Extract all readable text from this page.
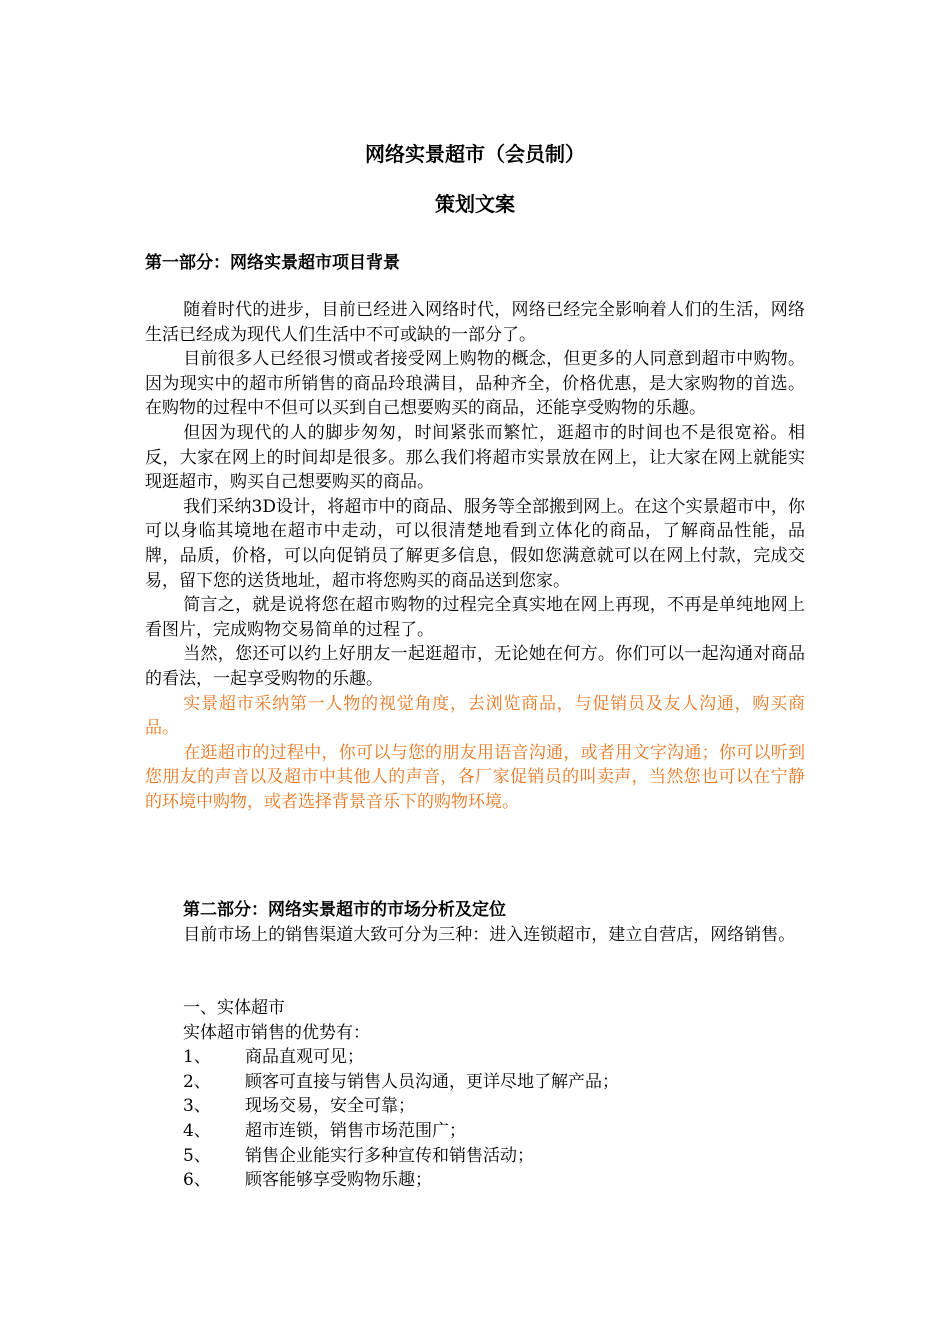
网络实景超市（会员制）
策划文案
第一部分：网络实景超市项目背景

随着时代的进步，目前已经进入网络时代，网络已经完全影响着人们的生活，网络生活已经成为现代人们生活中不可或缺的一部分了。

目前很多人已经很习惯或者接受网上购物的概念，但更多的人同意到超市中购物。因为现实中的超市所销售的商品玲琅满目，品种齐全，价格优惠，是大家购物的首选。在购物的过程中不但可以买到自己想要购买的商品，还能享受购物的乐趣。

但因为现代的人的脚步匆匆，时间紧张而繁忙，逛超市的时间也不是很宽裕。相反，大家在网上的时间却是很多。那么我们将超市实景放在网上，让大家在网上就能实现逛超市，购买自己想要购买的商品。

我们采纳3D设计，将超市中的商品、服务等全部搬到网上。在这个实景超市中，你可以身临其境地在超市中走动，可以很清楚地看到立体化的商品，了解商品性能，品牌，品质，价格，可以向促销员了解更多信息，假如您满意就可以在网上付款，完成交易，留下您的送货地址，超市将您购买的商品送到您家。

简言之，就是说将您在超市购物的过程完全真实地在网上再现，不再是单纯地网上看图片，完成购物交易简单的过程了。

当然，您还可以约上好朋友一起逛超市，无论她在何方。你们可以一起沟通对商品的看法，一起享受购物的乐趣。

实景超市采纳第一人物的视觉角度，去浏览商品，与促销员及友人沟通，购买商品。

在逛超市的过程中，你可以与您的朋友用语音沟通，或者用文字沟通；你可以听到您朋友的声音以及超市中其他人的声音，各厂家促销员的叫卖声，当然您也可以在宁静的环境中购物，或者选择背景音乐下的购物环境。

第二部分：网络实景超市的市场分析及定位

目前市场上的销售渠道大致可分为三种：进入连锁超市，建立自营店，网络销售。

一、实体超市

实体超市销售的优势有：

1、	商品直观可见；
2、	顾客可直接与销售人员沟通，更详尽地了解产品；
3、	现场交易，安全可靠；
4、	超市连锁，销售市场范围广；
5、	销售企业能实行多种宣传和销售活动；
6、	顾客能够享受购物乐趣；
